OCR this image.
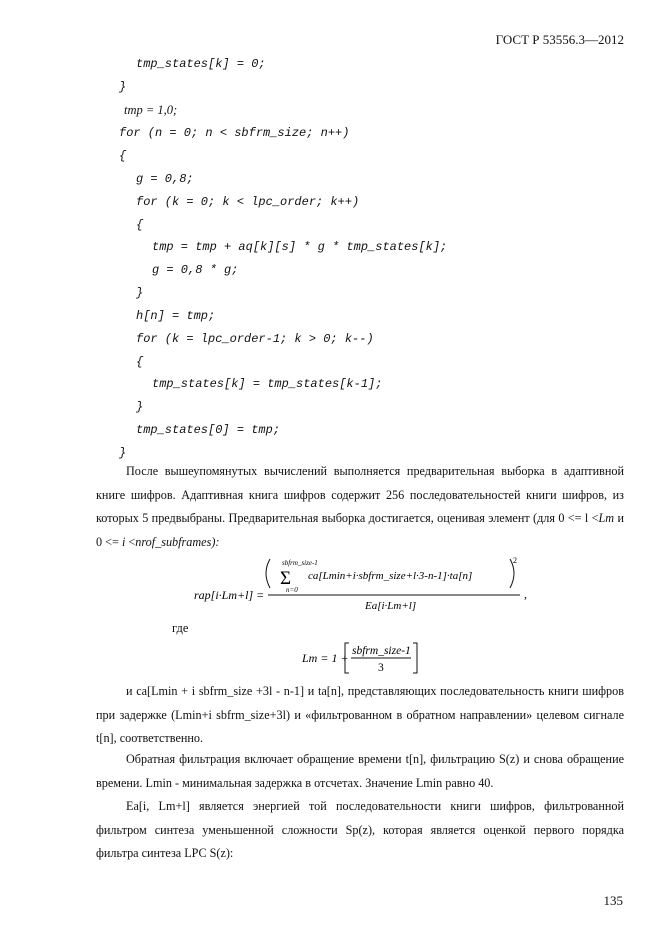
ГОСТ Р 53556.3—2012
tmp_states[k] = 0;
}
tmp = 1,0;
for (n = 0; n < sbfrm_size; n++)
{
g = 0,8;
for (k = 0; k < lpc_order; k++)
{
tmp = tmp + aq[k][s] * g * tmp_states[k];
g = 0,8 * g;
}
h[n] = tmp;
for (k = lpc_order-1; k > 0; k--)
{
tmp_states[k] = tmp_states[k-1];
}
tmp_states[0] = tmp;
}

После вышеупомянутых вычислений выполняется предварительная выборка в адаптивной книге шифров. Адаптивная книга шифров содержит 256 последовательностей книги шифров, из которых 5 предвыбраны. Предварительная выборка достигается, оценивая элемент (для 0 <= l <Lm и 0 <= i <nrof_subframes):

rap[i·Lm+l] =
sbfrm_size-1
Σ
n=0
ca[Lmin+i·sbfrm_size+l·3-n-1]·ta[n]
2
Ea[i·Lm+l]
,
где
Lm = 1 + sbfrm_size-1
3

и ca[Lmin + i sbfrm_size +3l - n-1] и ta[n], представляющих последовательность книги шифров при задержке (Lmin+i sbfrm_size+3l) и «фильтрованном в обратном направлении» целевом сигнале t[n], соответственно.

Обратная фильтрация включает обращение времени t[n], фильтрацию S(z) и снова обращение времени. Lmin - минимальная задержка в отсчетах. Значение Lmin равно 40.

Ea[i, Lm+l] является энергией той последовательности книги шифров, фильтрованной фильтром синтеза уменьшенной сложности Sp(z), которая является оценкой первого порядка фильтра синтеза LPC S(z):

135
